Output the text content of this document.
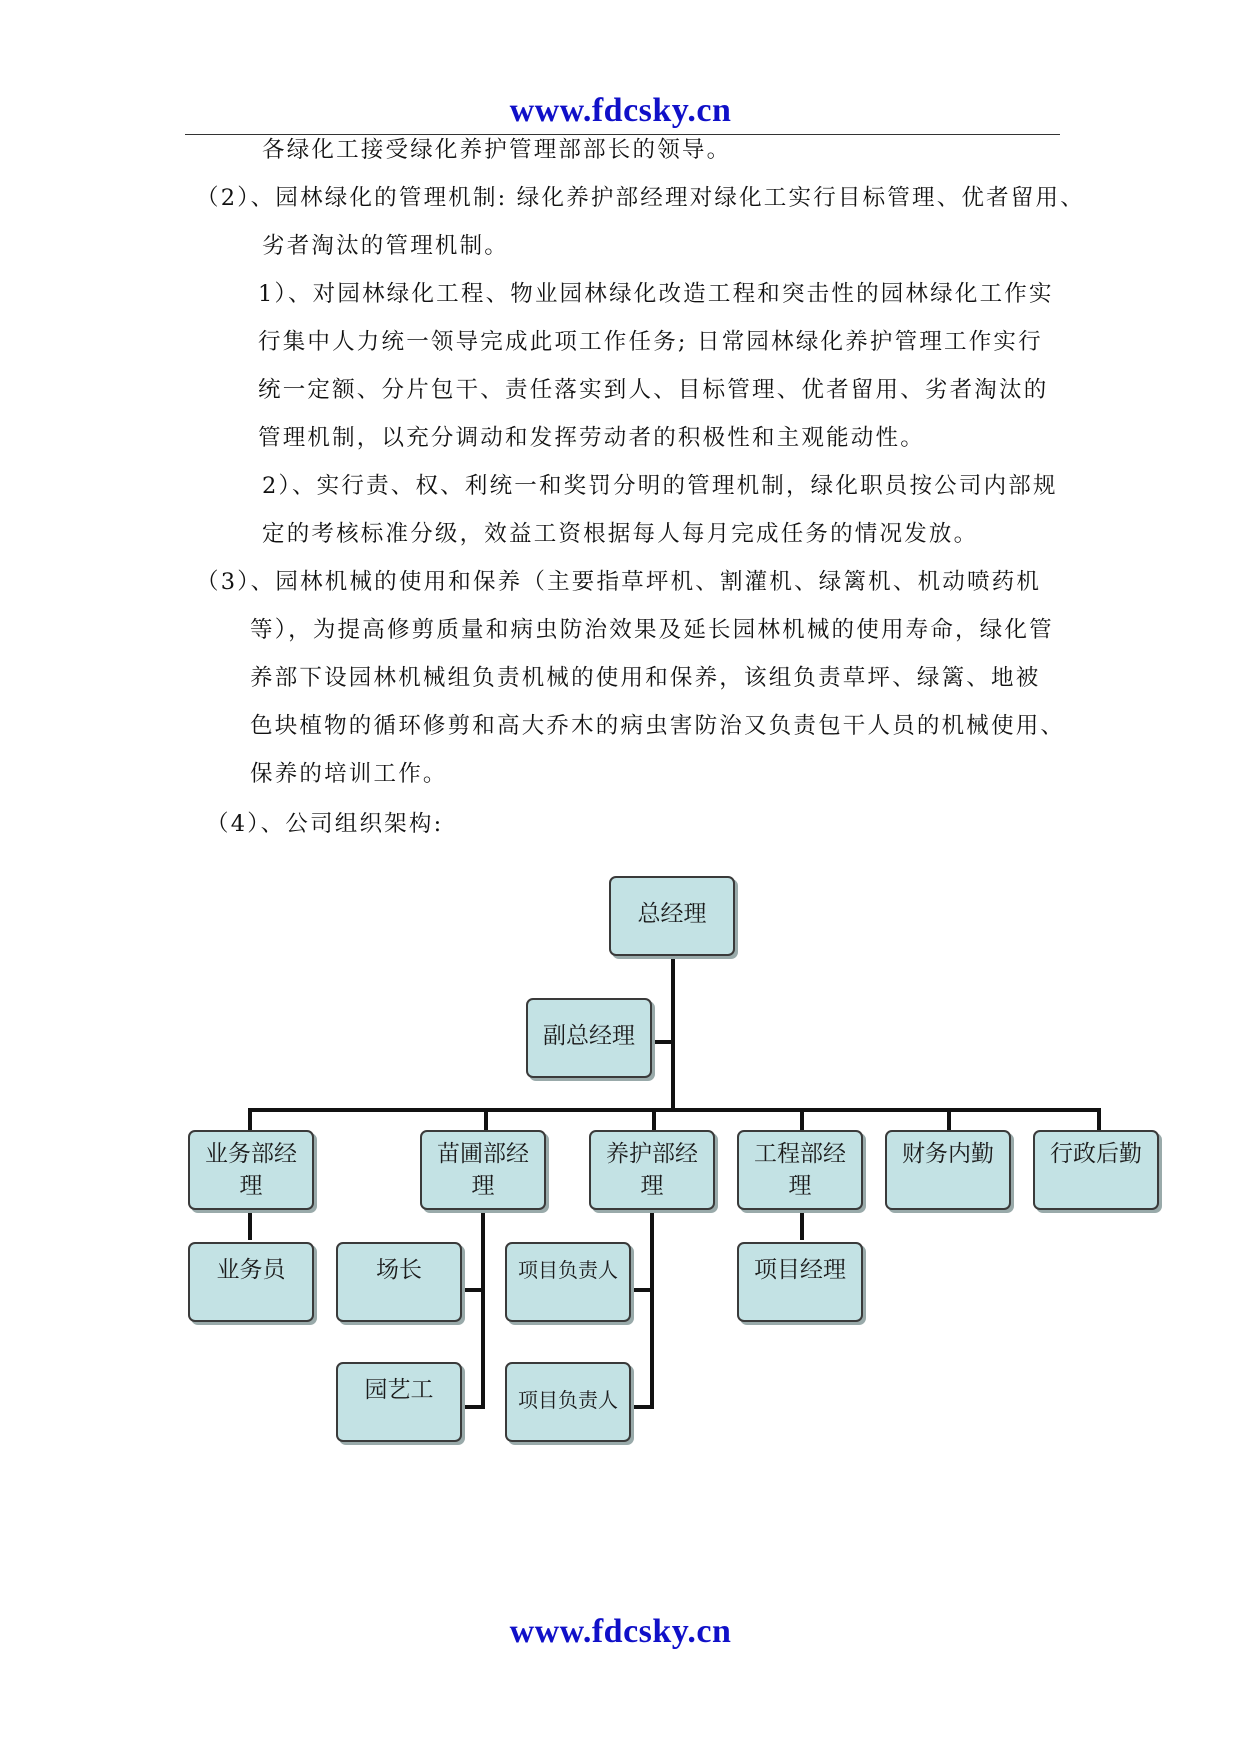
www.fdcsky.cn
各绿化工接受绿化养护管理部部长的领导。
（2）、园林绿化的管理机制: 绿化养护部经理对绿化工实行目标管理、优者留用、
劣者淘汰的管理机制。
1）、对园林绿化工程、物业园林绿化改造工程和突击性的园林绿化工作实
行集中人力统一领导完成此项工作任务; 日常园林绿化养护管理工作实行
统一定额、分片包干、责任落实到人、目标管理、优者留用、劣者淘汰的
管理机制，以充分调动和发挥劳动者的积极性和主观能动性。
2）、实行责、权、利统一和奖罚分明的管理机制，绿化职员按公司内部规
定的考核标准分级，效益工资根据每人每月完成任务的情况发放。
（3）、园林机械的使用和保养（主要指草坪机、割灌机、绿篱机、机动喷药机
等），为提高修剪质量和病虫防治效果及延长园林机械的使用寿命，绿化管
养部下设园林机械组负责机械的使用和保养，该组负责草坪、绿篱、地被
色块植物的循环修剪和高大乔木的病虫害防治又负责包干人员的机械使用、
保养的培训工作。
（4）、公司组织架构:
总经理
副总经理
业务部经
理
苗圃部经
理
养护部经
理
工程部经
理
财务内勤	行政后勤
业务员	场长
园艺工
项目负责人
项目负责人
项目经理
www.fdcsky.cn
